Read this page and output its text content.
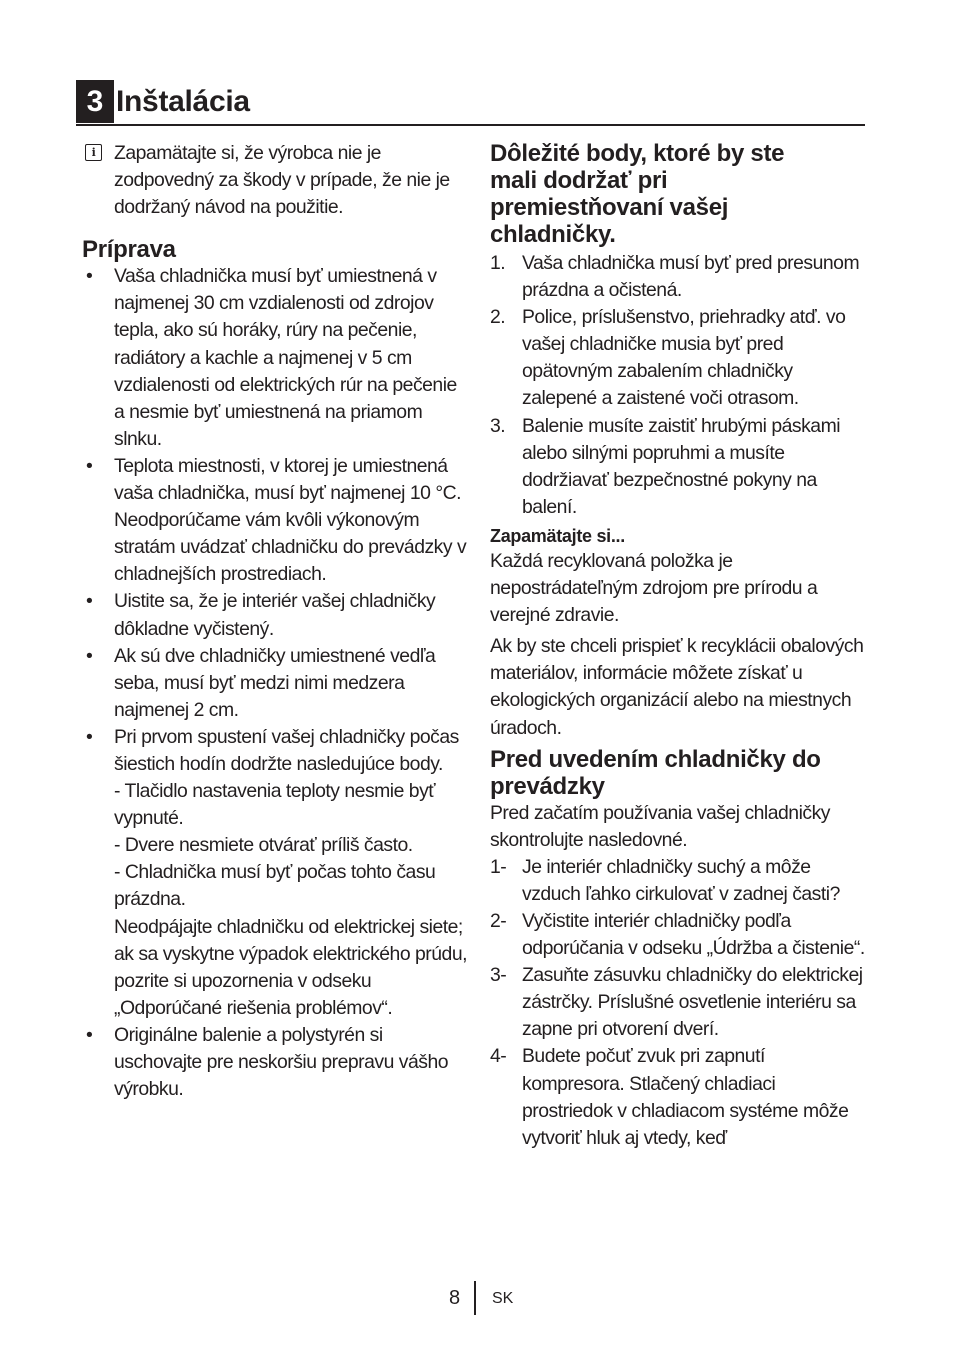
3 Inštalácia
i Zapamätajte si, že výrobca nie je zodpovedný za škody v prípade, že nie je dodržaný návod na použitie.

Príprava
• Vaša chladnička musí byť umiestnená v najmenej 30 cm vzdialenosti od zdrojov tepla, ako sú horáky, rúry na pečenie, radiátory a kachle a najmenej v 5 cm vzdialenosti od elektrických rúr na pečenie a nesmie byť umiestnená na priamom slnku.
• Teplota miestnosti, v ktorej je umiestnená vaša chladnička, musí byť najmenej 10 °C. Neodporúčame vám kvôli výkonovým stratám uvádzať chladničku do prevádzky v chladnejších prostrediach.
• Uistite sa, že je interiér vašej chladničky dôkladne vyčistený.
• Ak sú dve chladničky umiestnené vedľa seba, musí byť medzi nimi medzera najmenej 2 cm.
• Pri prvom spustení vašej chladničky počas šiestich hodín dodržte nasledujúce body.
- Tlačidlo nastavenia teploty nesmie byť vypnuté.
- Dvere nesmiete otvárať príliš často.
- Chladnička musí byť počas tohto času prázdna.
Neodpájajte chladničku od elektrickej siete; ak sa vyskytne výpadok elektrického prúdu, pozrite si upozornenia v odseku „Odporúčané riešenia problémov“.
• Originálne balenie a polystyrén si uschovajte pre neskoršiu prepravu vášho výrobku.
Dôležité body, ktoré by ste mali dodržať pri premiestňovaní vašej chladničky.
1. Vaša chladnička musí byť pred presunom prázdna a očistená.
2. Police, príslušenstvo, priehradky atď. vo vašej chladničke musia byť pred opätovným zabalením chladničky zalepené a zaistené voči otrasom.
3. Balenie musíte zaistiť hrubými páskami alebo silnými popruhmi a musíte dodržiavať bezpečnostné pokyny na balení.
Zapamätajte si...

Každá recyklovaná položka je nepostrádateľným zdrojom pre prírodu a verejné zdravie.

Ak by ste chceli prispieť k recyklácii obalových materiálov, informácie môžete získať u ekologických organizácií alebo na miestnych úradoch.

Pred uvedením chladničky do prevádzky

Pred začatím používania vašej chladničky skontrolujte nasledovné.

1- Je interiér chladničky suchý a môže vzduch ľahko cirkulovať v zadnej časti?
2- Vyčistite interiér chladničky podľa odporúčania v odseku „Údržba a čistenie“.
3- Zasuňte zásuvku chladničky do elektrickej zástrčky. Príslušné osvetlenie interiéru sa zapne pri otvorení dverí.
4- Budete počuť zvuk pri zapnutí kompresora. Stlačený chladiaci prostriedok v chladiacom systéme môže vytvoriť hluk aj vtedy, keď
8 SK
